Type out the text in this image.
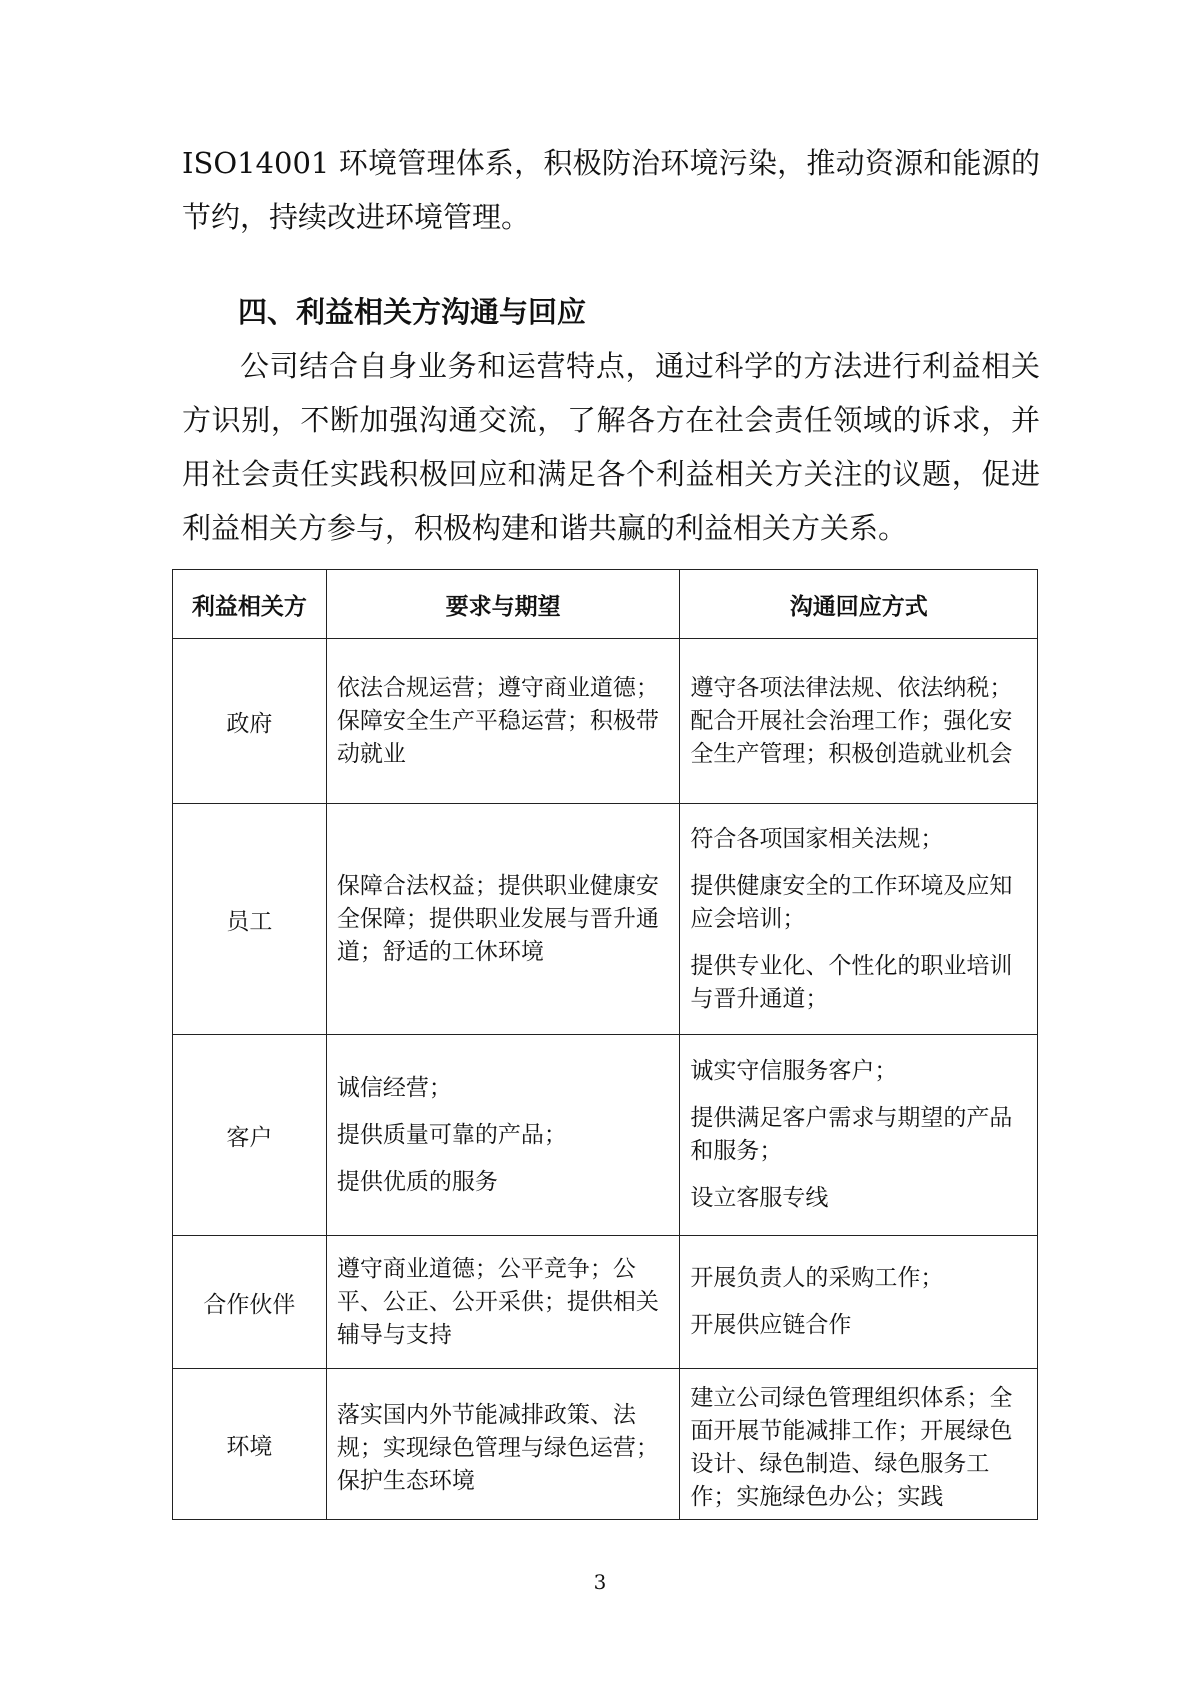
ISO14001 环境管理体系，积极防治环境污染，推动资源和能源的节约，持续改进环境管理。

四、利益相关方沟通与回应

公司结合自身业务和运营特点，通过科学的方法进行利益相关方识别，不断加强沟通交流，了解各方在社会责任领域的诉求，并用社会责任实践积极回应和满足各个利益相关方关注的议题，促进利益相关方参与，积极构建和谐共赢的利益相关方关系。

利益相关方	要求与期望	沟通回应方式
政府	依法合规运营；遵守商业道德；保障安全生产平稳运营；积极带动就业	遵守各项法律法规、依法纳税；配合开展社会治理工作；强化安全生产管理；积极创造就业机会

员工	保障合法权益；提供职业健康安全保障；提供职业发展与晋升通道；舒适的工休环境	符合各项国家相关法规；
提供健康安全的工作环境及应知应会培训；
提供专业化、个性化的职业培训与晋升通道；

客户	诚信经营；
提供质量可靠的产品；
提供优质的服务	诚实守信服务客户；
提供满足客户需求与期望的产品和服务；
设立客服专线

合作伙伴	遵守商业道德；公平竞争；公平、公正、公开采供；提供相关辅导与支持	开展负责人的采购工作；
开展供应链合作

环境	落实国内外节能减排政策、法规；实现绿色管理与绿色运营；保护生态环境	建立公司绿色管理组织体系；全面开展节能减排工作；开展绿色设计、绿色制造、绿色服务工作；实施绿色办公；实践
3
